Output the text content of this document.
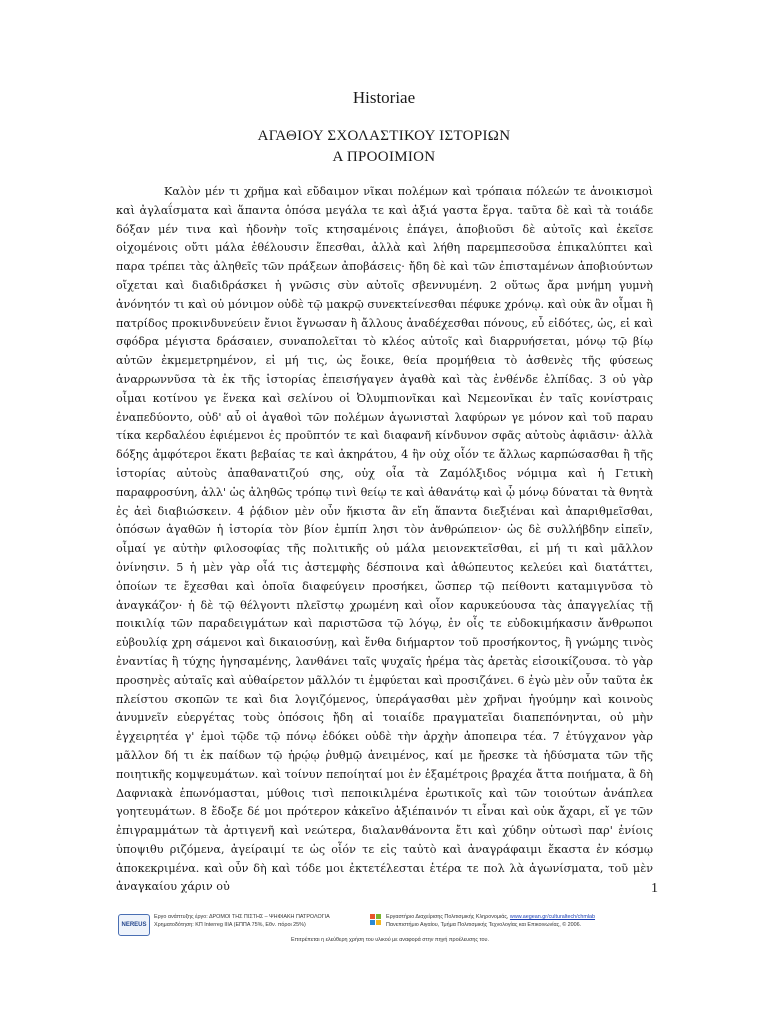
Historiae
ΑΓΑΘΙΟΥ ΣΧΟΛΑΣΤΙΚΟΥ ΙΣΤΟΡΙΩΝ
Α ΠΡΟΟΙΜΙΟΝ

Καλὸν μέν τι χρῆμα καὶ εὔδαιμον νῖκαι πολέμων καὶ τρόπαια πόλεών τε ἀνοικισμοὶ καὶ ἀγλαΐσματα καὶ ἅπαντα ὁπόσα μεγάλα τε καὶ ἀξιά γαστα ἔργα. ταῦτα δὲ καὶ τὰ τοιάδε δόξαν μέν τινα καὶ ἡδονὴν τοῖς κτησαμένοις ἐπάγει, ἀποβιοῦσι δὲ αὐτοῖς καὶ ἐκεῖσε οἰχομένοις οὔτι μάλα ἐθέλουσιν ἕπεσθαι, ἀλλὰ καὶ λήθη παρεμπεσοῦσα ἐπικαλύπτει καὶ παρα τρέπει τὰς ἀληθεῖς τῶν πράξεων ἀποβάσεις· ἤδη δὲ καὶ τῶν ἐπισταμένων ἀποβιούντων οἴχεται καὶ διαδιδράσκει ἡ γνῶσις σὺν αὐτοῖς σβεννυμένη. 2 οὕτως ἄρα μνήμη γυμνὴ ἀνόνητόν τι καὶ οὐ μόνιμον οὐδὲ τῷ μακρῷ συνεκτείνεσθαι πέφυκε χρόνῳ. καὶ οὐκ ἂν οἶμαι ἢ πατρίδος προκινδυνεύειν ἔνιοι ἔγνωσαν ἢ ἄλλους ἀναδέχεσθαι πόνους, εὖ εἰδότες, ὡς, εἰ καὶ σφόδρα μέγιστα δράσαιεν, συναπολεῖται τὸ κλέος αὐτοῖς καὶ διαρρυήσεται, μόνῳ τῷ βίῳ αὐτῶν ἐκμεμετρημένον, εἰ μή τις, ὡς ἔοικε, θεία προμήθεια τὸ ἀσθενὲς τῆς φύσεως ἀναρρωννῦσα τὰ ἐκ τῆς ἱστορίας ἐπεισήγαγεν ἀγαθὰ καὶ τὰς ἐνθένδε ἐλπίδας. 3 οὐ γὰρ οἶμαι κοτίνου γε ἕνεκα καὶ σελίνου οἱ Ὀλυμπιονῖκαι καὶ Νεμεονῖκαι ἐν ταῖς κονίστραις ἐναπεδύοντο, οὐδ' αὖ οἱ ἀγαθοὶ τῶν πολέμων ἀγωνισταὶ λαφύρων γε μόνον καὶ τοῦ παραυ τίκα κερδαλέου ἐφιέμενοι ἐς προῦπτόν τε καὶ διαφανῆ κίνδυνον σφᾶς αὐτοὺς ἀφιᾶσιν· ἀλλὰ δόξης ἀμφότεροι ἕκατι βεβαίας τε καὶ ἀκηράτου, 4 ἣν οὐχ οἷόν τε ἄλλως καρπώσασθαι ἢ τῆς ἱστορίας αὐτοὺς ἀπαθανατιζού σης, οὐχ οἷα τὰ Ζαμόλξιδος νόμιμα καὶ ἡ Γετικὴ παραφροσύνη, ἀλλ' ὡς ἀληθῶς τρόπῳ τινὶ θείῳ τε καὶ ἀθανάτῳ καὶ ᾧ μόνῳ δύναται τὰ θνητὰ ἐς ἀεὶ διαβιώσκειν. 4 ῥᾴδιον μὲν οὖν ἥκιστα ἂν εἴη ἅπαντα διεξιέναι καὶ ἀπαριθμεῖσθαι, ὁπόσων ἀγαθῶν ἡ ἱστορία τὸν βίον ἐμπίπ λησι τὸν ἀνθρώπειον· ὡς δὲ συλλήβδην εἰπεῖν, οἶμαί γε αὐτὴν φιλοσοφίας τῆς πολιτικῆς οὐ μάλα μειονεκτεῖσθαι, εἰ μή τι καὶ μᾶλλον ὀνίνησιν. 5 ἡ μὲν γὰρ οἷά τις ἀστεμφὴς δέσποινα καὶ ἀθώπευτος κελεύει καὶ διατάττει, ὁποίων τε ἔχεσθαι καὶ ὁποῖα διαφεύγειν προσήκει, ὥσπερ τῷ πείθοντι καταμιγνῦσα τὸ ἀναγκάζον· ἡ δὲ τῷ θέλγοντι πλεῖστῳ χρωμένη καὶ οἷον καρυκεύουσα τὰς ἀπαγγελίας τῇ ποικιλίᾳ τῶν παραδειγμάτων καὶ παριστῶσα τῷ λόγῳ, ἐν οἷς τε εὐδοκιμήκασιν ἄνθρωποι εὐβουλίᾳ χρη σάμενοι καὶ δικαιοσύνῃ, καὶ ἔνθα διήμαρτον τοῦ προσήκοντος, ἢ γνώμης τινὸς ἐναντίας ἢ τύχης ἡγησαμένης, λανθάνει ταῖς ψυχαῖς ἠρέμα τὰς ἀρετὰς εἰσοικίζουσα. τὸ γὰρ προσηνὲς αὐταῖς καὶ αὐθαίρετον μᾶλλόν τι ἐμφύεται καὶ προσιζάνει. 6 ἐγὼ μὲν οὖν ταῦτα ἐκ πλείστου σκοπῶν τε καὶ δια λογιζόμενος, ὑπεράγασθαι μὲν χρῆναι ἡγούμην καὶ κοινοὺς ἀνυμνεῖν εὐεργέτας τοὺς ὁπόσοις ἤδη αἱ τοιαίδε πραγματεῖαι διαπεπόνηνται, οὐ μὴν ἐγχειρητέα γ' ἐμοὶ τῷδε τῷ πόνῳ ἐδόκει οὐδὲ τὴν ἀρχὴν ἀποπειρα τέα. 7 ἐτύγχανον γὰρ μᾶλλον δή τι ἐκ παίδων τῷ ἡρῴῳ ῥυθμῷ ἀνειμένος, καί με ἤρεσκε τὰ ἡδύσματα τῶν τῆς ποιητικῆς κομψευμάτων. καὶ τοίνυν πεποίηταί μοι ἐν ἑξαμέτροις βραχέα ἄττα ποιήματα, ἃ δὴ Δαφνιακὰ ἐπωνόμασται, μύθοις τισὶ πεποικιλμένα ἐρωτικοῖς καὶ τῶν τοιούτων ἀνάπλεα γοητευμάτων. 8 ἔδοξε δέ μοι πρότερον κἀκεῖνο ἀξιέπαινόν τι εἶναι καὶ οὐκ ἄχαρι, εἴ γε τῶν ἐπιγραμμάτων τὰ ἀρτιγενῆ καὶ νεώτερα, διαλανθάνοντα ἔτι καὶ χύδην οὑτωσὶ παρ' ἐνίοις ὑποψιθυ ριζόμενα, ἀγείραιμί τε ὡς οἷόν τε εἰς ταὐτὸ καὶ ἀναγράφαιμι ἕκαστα ἐν κόσμῳ ἀποκεκριμένα. καὶ οὖν δὴ καὶ τόδε μοι ἐκτετέλεσται ἑτέρα τε πολ λὰ ἀγωνίσματα, τοῦ μὲν ἀναγκαίου χάριν οὐ	1
NEREUS
Εργο ανάπτυξης έργο: ΔΡΟΜΟΙ ΤΗΣ ΠΙΣΤΗΣ – ΨΗΦΙΑΚΗ ΠΑΤΡΟΛΟΓΙΑ
Χρηματοδότηση: ΚΠ Interreg IIIA (ΕΠΠΑ 75%, Εθν. πόροι 25%)
Εργαστήριο Διαχείρισης Πολιτισμικής Κληρονομιάς, www.aegean.gr/culturaltech/chmlab
Πανεπιστήμιο Αιγαίου, Τμήμα Πολιτισμικής Τεχνολογίας και Επικοινωνίας, © 2006.
Επιτρέπεται η ελεύθερη χρήση του υλικού με αναφορά στην πηγή προέλευσης του.
